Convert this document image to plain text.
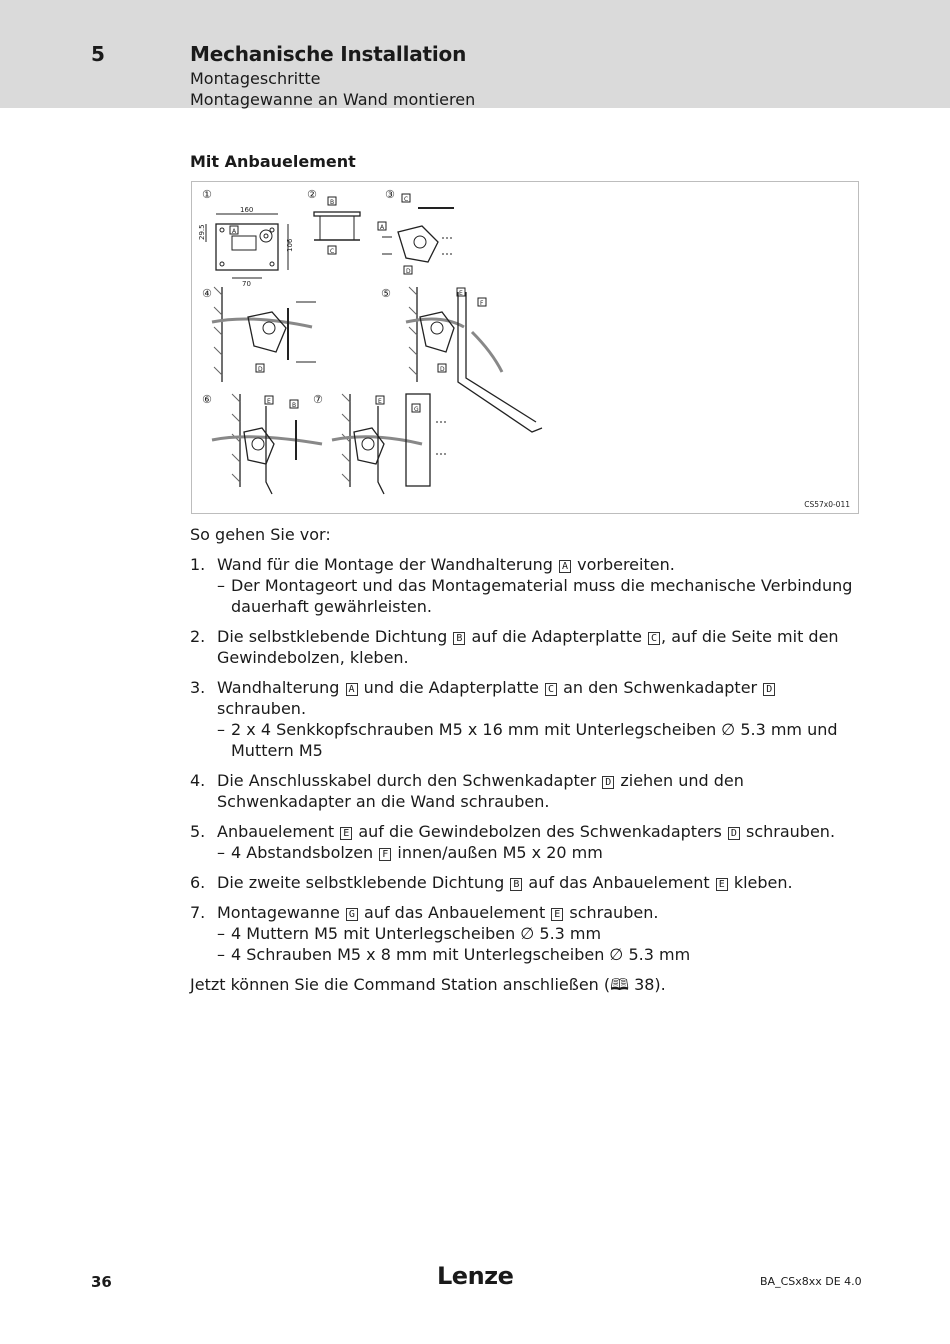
5	Mechanische Installation
Montageschritte
Montagewanne an Wand montieren
Mit Anbauelement
①	②	③
④	⑤
⑥	⑦
160
106
29.5
70
A
B
C
C
A
D
D
E
F
D
E
B
E
G
CS57x0-011

So gehen Sie vor:

1. Wand für die Montage der Wandhalterung A vorbereiten.
– Der Montageort und das Montagematerial muss die mechanische Verbindung dauerhaft gewährleisten.
2. Die selbstklebende Dichtung B auf die Adapterplatte C , auf die Seite mit den Gewindebolzen, kleben.
3. Wandhalterung A und die Adapterplatte C an den Schwenkadapter D schrauben.
– 2 x 4 Senkkopfschrauben M5 x 16 mm mit Unterlegscheiben ∅ 5.3 mm und Muttern M5
4. Die Anschlusskabel durch den Schwenkadapter D ziehen und den Schwenkadapter an die Wand schrauben.
5. Anbauelement E auf die Gewindebolzen des Schwenkadapters D schrauben.
– 4 Abstandsbolzen F innen/außen M5 x 20 mm
6. Die zweite selbstklebende Dichtung B auf das Anbauelement E kleben.
7. Montagewanne G auf das Anbauelement E schrauben.
– 4 Muttern M5 mit Unterlegscheiben ∅ 5.3 mm
– 4 Schrauben M5 x 8 mm mit Unterlegscheiben ∅ 5.3 mm

Jetzt können Sie die Command Station anschließen (🕮 38).

36	Lenze	BA_CSx8xx DE 4.0
